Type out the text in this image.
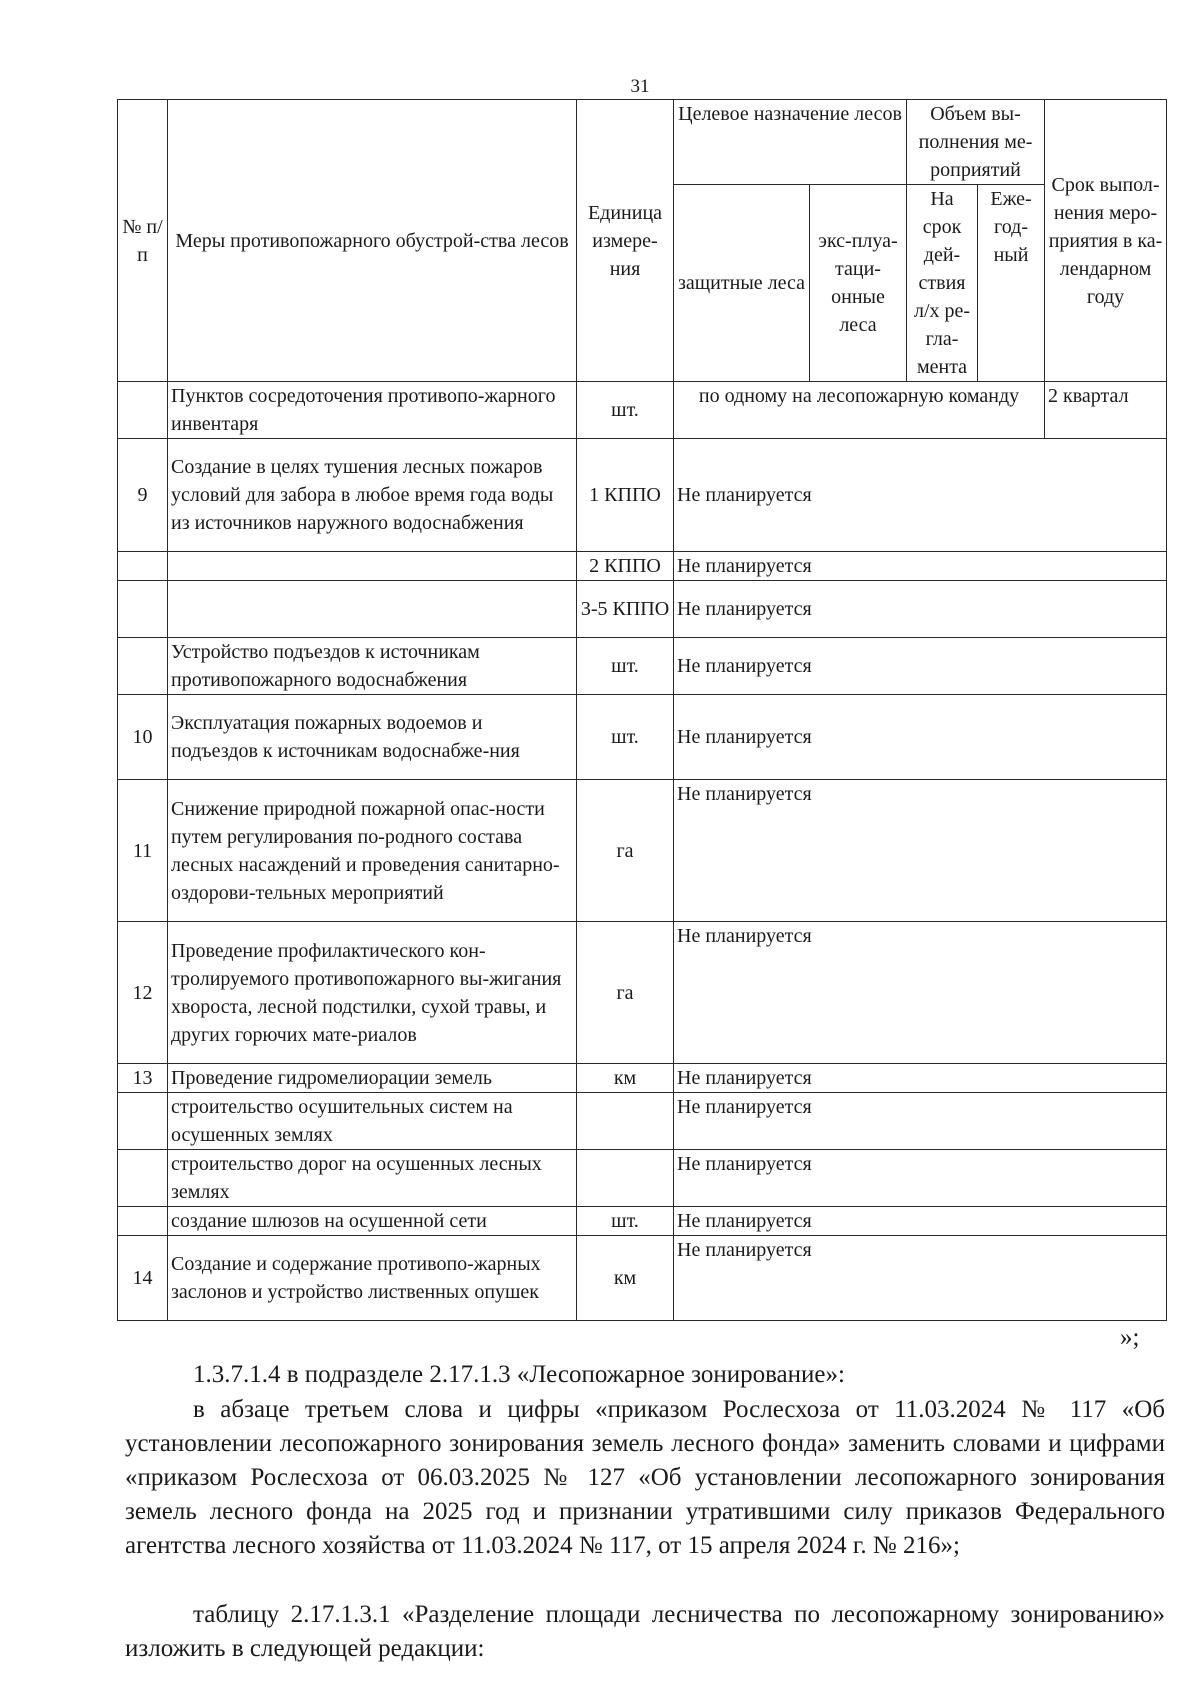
31
№ п/п	Меры противопожарного обустрой-ства лесов	Единица измере-ния	Целевое назначение лесов		Объем вы-полнения ме-роприятий		Срок выпол-нения меро-приятия в ка-лендарном году
			защитные леса	экс-плуа-таци-онные леса	На срок дей-ствия л/х ре-гла-мента	Еже-год-ный	
	Пунктов сосредоточения противопо-жарного инвентаря	шт.	по одному на лесопожарную команду				2 квартал
9	Создание в целях тушения лесных пожаров условий для забора в любое время года воды из источников наружного водоснабжения	1 КППО	Не планируется				
		2 КППО	Не планируется				
		3-5 КППО	Не планируется				
	Устройство подъездов к источникам противопожарного водоснабжения	шт.	Не планируется				
10	Эксплуатация пожарных водоемов и подъездов к источникам водоснабже-ния	шт.	Не планируется				
11	Снижение природной пожарной опас-ности путем регулирования по-родного состава лесных насаждений и проведения санитарно-оздорови-тельных мероприятий	га	Не планируется				
12	Проведение профилактического кон-тролируемого противопожарного вы-жигания хвороста, лесной подстилки, сухой травы, и других горючих мате-риалов	га	Не планируется				
13	Проведение гидромелиорации земель	км	Не планируется				
	строительство осушительных систем на осушенных землях		Не планируется				
	строительство дорог на осушенных лесных землях		Не планируется				
	создание шлюзов на осушенной сети	шт.	Не планируется				
14	Создание и содержание противопо-жарных заслонов и устройство лиственных опушек	км	Не планируется				
»;
1.3.7.1.4 в подразделе 2.17.1.3 «Лесопожарное зонирование»:
в абзаце третьем слова и цифры «приказом Рослесхоза от 11.03.2024 № 117 «Об установлении лесопожарного зонирования земель лесного фонда» заменить словами и цифрами «приказом Рослесхоза от 06.03.2025 № 127 «Об установлении лесопожарного зонирования земель лесного фонда на 2025 год и признании утратившими силу приказов Федерального агентства лесного хозяйства от 11.03.2024 № 117, от 15 апреля 2024 г. № 216»;
таблицу 2.17.1.3.1 «Разделение площади лесничества по лесопожарному зонированию» изложить в следующей редакции:
